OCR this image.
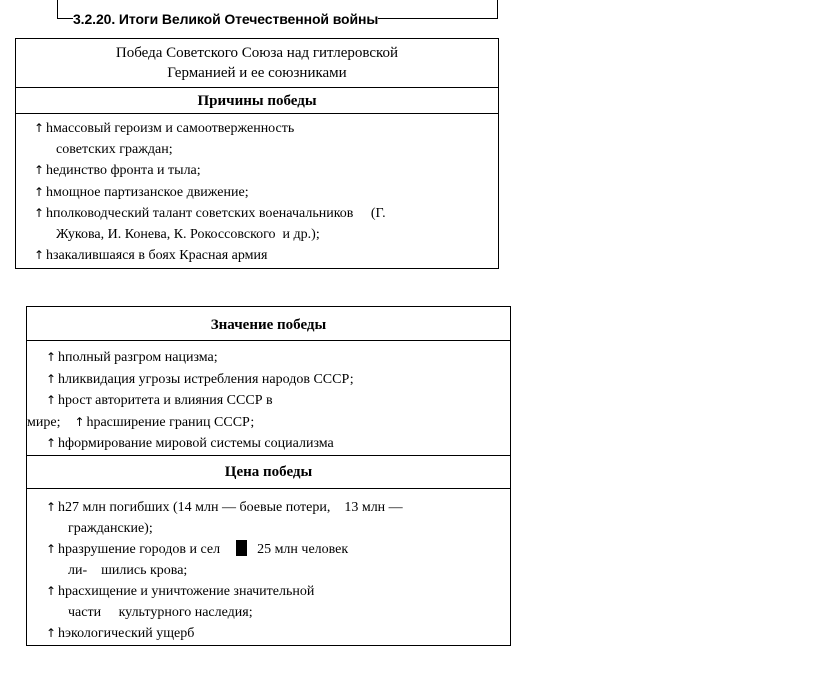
3.2.20. Итоги Великой Отечественной войны
Победа Советского Союза над гитлеровской
Германией и ее союзниками
Причины победы
↑ hмассовый героизм и самоотверженность
советских граждан;
↑ hединство фронта и тыла;
↑ hмощное партизанское движение;
↑ hполководческий талант советских военачальников     (Г.
Жукова, И. Конева, К. Рокоссовского  и др.);
↑ hзакалившаяся в боях Красная армия
Значение победы
↑ hполный разгром нацизма;
↑ hликвидация угрозы истребления народов СССР;
↑ hрост авторитета и влияния СССР в
мире;    ↑ hрасширение границ СССР;
↑ hформирование мировой системы социализма
Цена победы
↑ h27 млн погибших (14 млн — боевые потери,    13 млн —
гражданские);
↑ hразрушение городов и сел	25 млн человек
ли-    шились крова;
↑ hрасхищение и уничтожение значительной
части     культурного наследия;
↑ hэкологический ущерб
